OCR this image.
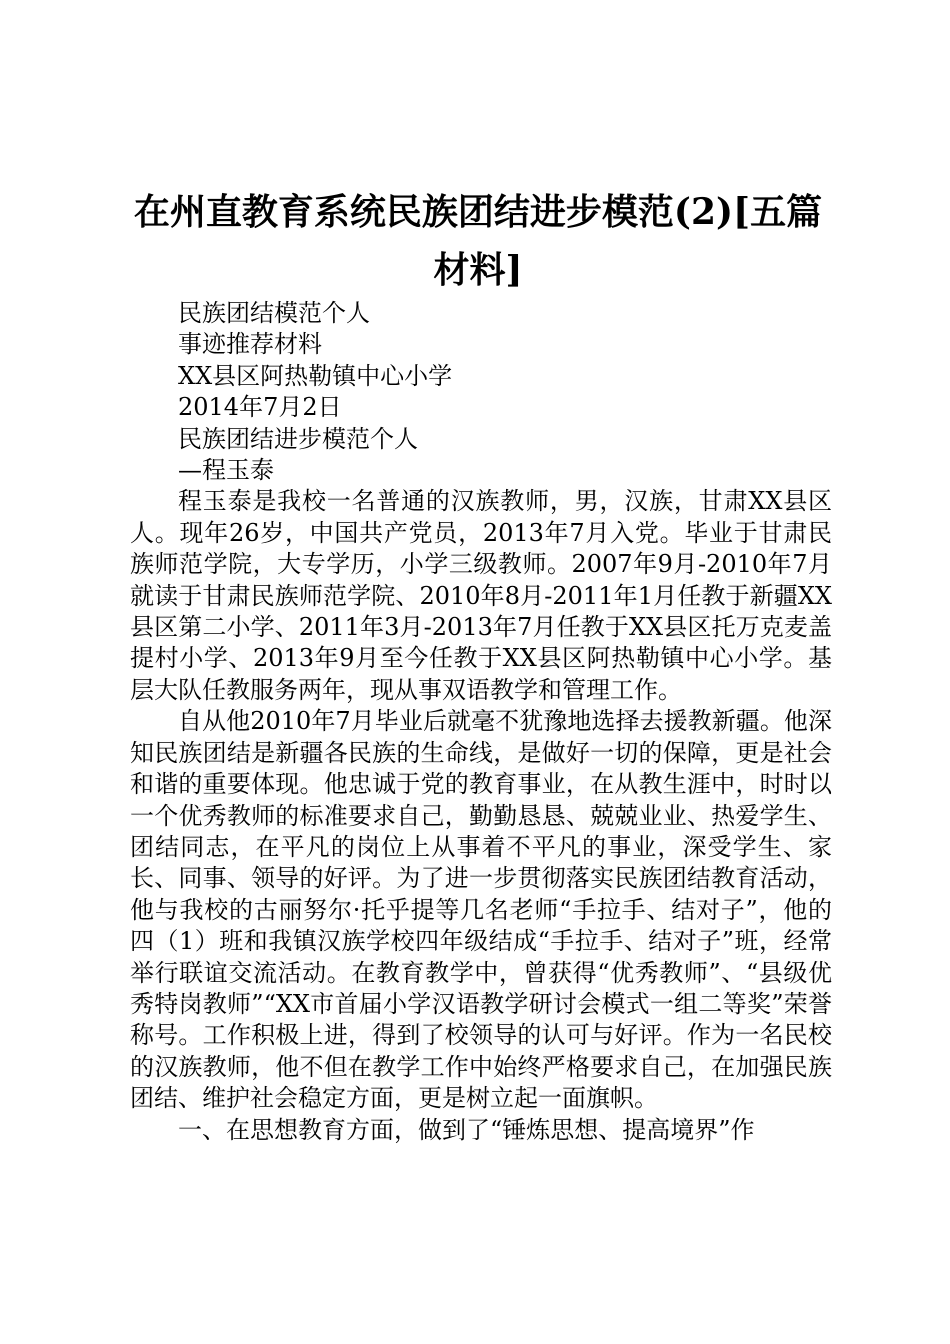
在州直教育系统民族团结进步模范(2)[五篇材料]

民族团结模范个人

事迹推荐材料

XX县区阿热勒镇中心小学

2014年7月2日

民族团结进步模范个人

—程玉泰

程玉泰是我校一名普通的汉族教师，男，汉族，甘肃XX县区人。现年26岁，中国共产党员，2013年7月入党。毕业于甘肃民族师范学院，大专学历，小学三级教师。2007年9月-2010年7月就读于甘肃民族师范学院、2010年8月-2011年1月任教于新疆XX县区第二小学、2011年3月-2013年7月任教于XX县区托万克麦盖提村小学、2013年9月至今任教于XX县区阿热勒镇中心小学。基层大队任教服务两年，现从事双语教学和管理工作。

自从他2010年7月毕业后就毫不犹豫地选择去援教新疆。他深知民族团结是新疆各民族的生命线，是做好一切的保障，更是社会和谐的重要体现。他忠诚于党的教育事业，在从教生涯中，时时以一个优秀教师的标准要求自己，勤勤恳恳、兢兢业业、热爱学生、团结同志，在平凡的岗位上从事着不平凡的事业，深受学生、家长、同事、领导的好评。为了进一步贯彻落实民族团结教育活动，他与我校的古丽努尔·托乎提等几名老师“手拉手、结对子”，他的四（1）班和我镇汉族学校四年级结成“手拉手、结对子”班，经常举行联谊交流活动。在教育教学中，曾获得“优秀教师”、“县级优秀特岗教师”“XX市首届小学汉语教学研讨会模式一组二等奖”荣誉称号。工作积极上进，得到了校领导的认可与好评。作为一名民校的汉族教师，他不但在教学工作中始终严格要求自己，在加强民族团结、维护社会稳定方面，更是树立起一面旗帜。

一、在思想教育方面，做到了“锤炼思想、提高境界”作
